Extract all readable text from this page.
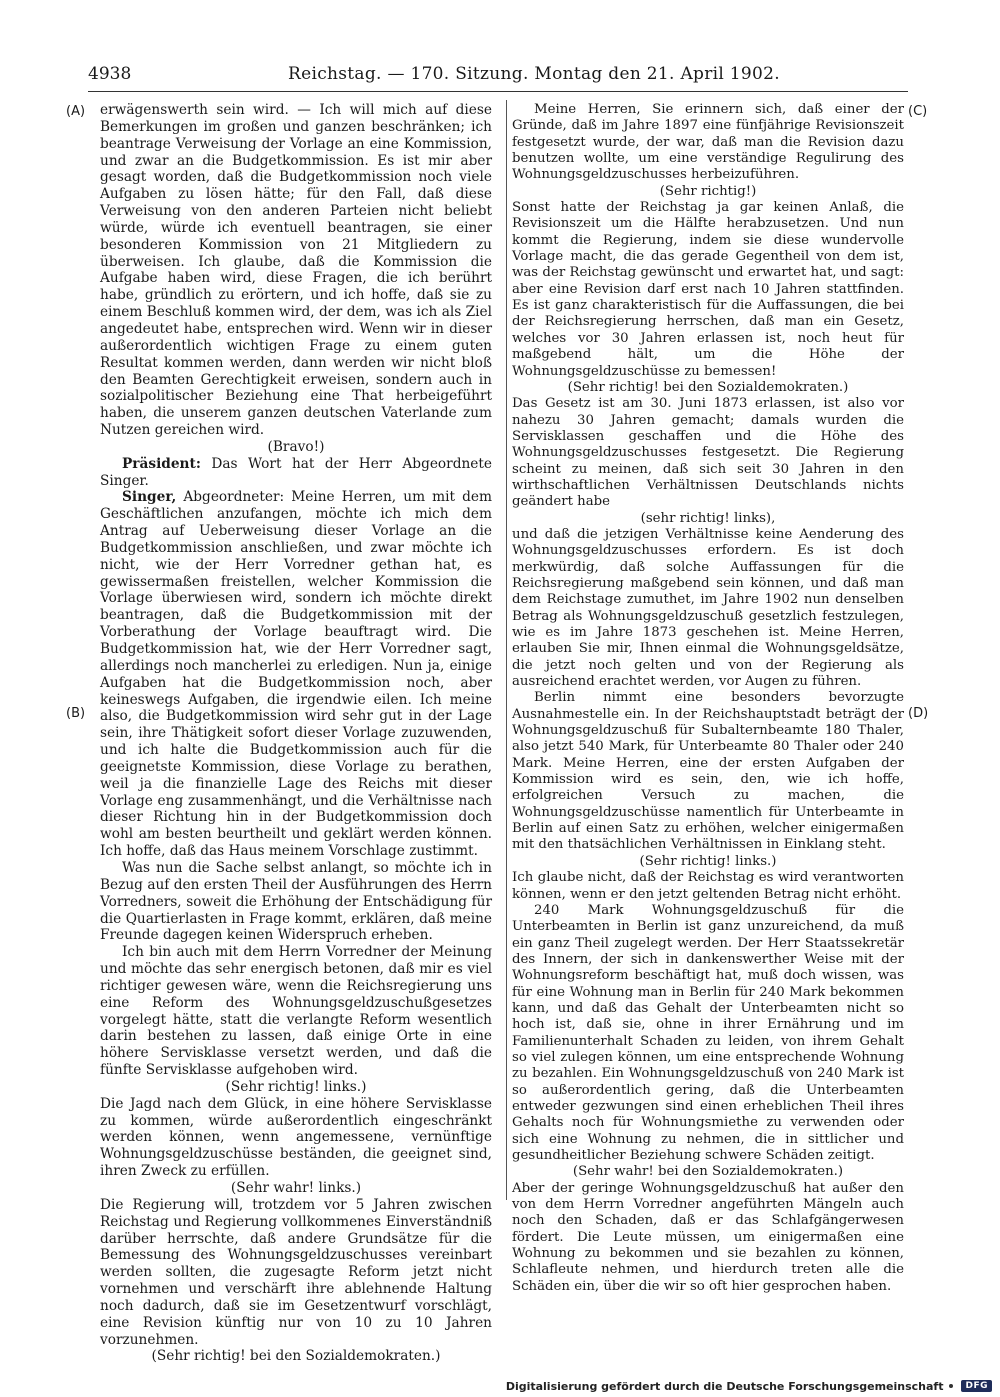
4938	Reichstag. — 170. Sitzung. Montag den 21. April 1902.
(A)
(B)
(C)
(D)
erwägenswerth sein wird. — Ich will mich auf diese Bemerkungen im großen und ganzen beschränken; ich beantrage Verweisung der Vorlage an eine Kommission, und zwar an die Budgetkommission. Es ist mir aber gesagt worden, daß die Budgetkommission noch viele Aufgaben zu lösen hätte; für den Fall, daß diese Verweisung von den anderen Parteien nicht beliebt würde, würde ich eventuell beantragen, sie einer besonderen Kommission von 21 Mitgliedern zu überweisen. Ich glaube, daß die Kommission die Aufgabe haben wird, diese Fragen, die ich berührt habe, gründlich zu erörtern, und ich hoffe, daß sie zu einem Beschluß kommen wird, der dem, was ich als Ziel angedeutet habe, entsprechen wird. Wenn wir in dieser außerordentlich wichtigen Frage zu einem guten Resultat kommen werden, dann werden wir nicht bloß den Beamten Gerechtigkeit erweisen, sondern auch in sozialpolitischer Beziehung eine That herbeigeführt haben, die unserem ganzen deutschen Vaterlande zum Nutzen gereichen wird.
(Bravo!)
Präsident: Das Wort hat der Herr Abgeordnete Singer.
Singer, Abgeordneter: Meine Herren, um mit dem Geschäftlichen anzufangen, möchte ich mich dem Antrag auf Ueberweisung dieser Vorlage an die Budgetkommission anschließen, und zwar möchte ich nicht, wie der Herr Vorredner gethan hat, es gewissermaßen freistellen, welcher Kommission die Vorlage überwiesen wird, sondern ich möchte direkt beantragen, daß die Budgetkommission mit der Vorberathung der Vorlage beauftragt wird. Die Budgetkommission hat, wie der Herr Vorredner sagt, allerdings noch mancherlei zu erledigen. Nun ja, einige Aufgaben hat die Budgetkommission noch, aber keineswegs Aufgaben, die irgendwie eilen. Ich meine also, die Budgetkommission wird sehr gut in der Lage sein, ihre Thätigkeit sofort dieser Vorlage zuzuwenden, und ich halte die Budgetkommission auch für die geeignetste Kommission, diese Vorlage zu berathen, weil ja die finanzielle Lage des Reichs mit dieser Vorlage eng zusammenhängt, und die Verhältnisse nach dieser Richtung hin in der Budgetkommission doch wohl am besten beurtheilt und geklärt werden können. Ich hoffe, daß das Haus meinem Vorschlage zustimmt.
Was nun die Sache selbst anlangt, so möchte ich in Bezug auf den ersten Theil der Ausführungen des Herrn Vorredners, soweit die Erhöhung der Entschädigung für die Quartierlasten in Frage kommt, erklären, daß meine Freunde dagegen keinen Widerspruch erheben.
Ich bin auch mit dem Herrn Vorredner der Meinung und möchte das sehr energisch betonen, daß mir es viel richtiger gewesen wäre, wenn die Reichsregierung uns eine Reform des Wohnungsgeldzuschußgesetzes vorgelegt hätte, statt die verlangte Reform wesentlich darin bestehen zu lassen, daß einige Orte in eine höhere Servisklasse versetzt werden, und daß die fünfte Servisklasse aufgehoben wird.
(Sehr richtig! links.)
Die Jagd nach dem Glück, in eine höhere Servisklasse zu kommen, würde außerordentlich eingeschränkt werden können, wenn angemessene, vernünftige Wohnungsgeldzuschüsse beständen, die geeignet sind, ihren Zweck zu erfüllen.
(Sehr wahr! links.)
Die Regierung will, trotzdem vor 5 Jahren zwischen Reichstag und Regierung vollkommenes Einverständniß darüber herrschte, daß andere Grundsätze für die Bemessung des Wohnungsgeldzuschusses vereinbart werden sollten, die zugesagte Reform jetzt nicht vornehmen und verschärft ihre ablehnende Haltung noch dadurch, daß sie im Gesetzentwurf vorschlägt, eine Revision künftig nur von 10 zu 10 Jahren vorzunehmen.
(Sehr richtig! bei den Sozialdemokraten.)
Meine Herren, Sie erinnern sich, daß einer der Gründe, daß im Jahre 1897 eine fünfjährige Revisionszeit festgesetzt wurde, der war, daß man die Revision dazu benutzen wollte, um eine verständige Regulirung des Wohnungsgeldzuschusses herbeizuführen.
(Sehr richtig!)
Sonst hatte der Reichstag ja gar keinen Anlaß, die Revisionszeit um die Hälfte herabzusetzen. Und nun kommt die Regierung, indem sie diese wundervolle Vorlage macht, die das gerade Gegentheil von dem ist, was der Reichstag gewünscht und erwartet hat, und sagt: aber eine Revision darf erst nach 10 Jahren stattfinden. Es ist ganz charakteristisch für die Auffassungen, die bei der Reichsregierung herrschen, daß man ein Gesetz, welches vor 30 Jahren erlassen ist, noch heut für maßgebend hält, um die Höhe der Wohnungsgeldzuschüsse zu bemessen!
(Sehr richtig! bei den Sozialdemokraten.)
Das Gesetz ist am 30. Juni 1873 erlassen, ist also vor nahezu 30 Jahren gemacht; damals wurden die Servisklassen geschaffen und die Höhe des Wohnungsgeldzuschusses festgesetzt. Die Regierung scheint zu meinen, daß sich seit 30 Jahren in den wirthschaftlichen Verhältnissen Deutschlands nichts geändert habe
(sehr richtig! links),
und daß die jetzigen Verhältnisse keine Aenderung des Wohnungsgeldzuschusses erfordern. Es ist doch merkwürdig, daß solche Auffassungen für die Reichsregierung maßgebend sein können, und daß man dem Reichstage zumuthet, im Jahre 1902 nun denselben Betrag als Wohnungsgeldzuschuß gesetzlich festzulegen, wie es im Jahre 1873 geschehen ist. Meine Herren, erlauben Sie mir, Ihnen einmal die Wohnungsgeldsätze, die jetzt noch gelten und von der Regierung als ausreichend erachtet werden, vor Augen zu führen.
Berlin nimmt eine besonders bevorzugte Ausnahmestelle ein. In der Reichshauptstadt beträgt der Wohnungsgeldzuschuß für Subalternbeamte 180 Thaler, also jetzt 540 Mark, für Unterbeamte 80 Thaler oder 240 Mark. Meine Herren, eine der ersten Aufgaben der Kommission wird es sein, den, wie ich hoffe, erfolgreichen Versuch zu machen, die Wohnungsgeldzuschüsse namentlich für Unterbeamte in Berlin auf einen Satz zu erhöhen, welcher einigermaßen mit den thatsächlichen Verhältnissen in Einklang steht.
(Sehr richtig! links.)
Ich glaube nicht, daß der Reichstag es wird verantworten können, wenn er den jetzt geltenden Betrag nicht erhöht.
240 Mark Wohnungsgeldzuschuß für die Unterbeamten in Berlin ist ganz unzureichend, da muß ein ganz Theil zugelegt werden. Der Herr Staatssekretär des Innern, der sich in dankenswerther Weise mit der Wohnungsreform beschäftigt hat, muß doch wissen, was für eine Wohnung man in Berlin für 240 Mark bekommen kann, und daß das Gehalt der Unterbeamten nicht so hoch ist, daß sie, ohne in ihrer Ernährung und im Familienunterhalt Schaden zu leiden, von ihrem Gehalt so viel zulegen können, um eine entsprechende Wohnung zu bezahlen. Ein Wohnungsgeldzuschuß von 240 Mark ist so außerordentlich gering, daß die Unterbeamten entweder gezwungen sind einen erheblichen Theil ihres Gehalts noch für Wohnungsmiethe zu verwenden oder sich eine Wohnung zu nehmen, die in sittlicher und gesundheitlicher Beziehung schwere Schäden zeitigt.
(Sehr wahr! bei den Sozialdemokraten.)
Aber der geringe Wohnungsgeldzuschuß hat außer den von dem Herrn Vorredner angeführten Mängeln auch noch den Schaden, daß er das Schlafgängerwesen fördert. Die Leute müssen, um einigermaßen eine Wohnung zu bekommen und sie bezahlen zu können, Schlafleute nehmen, und hierdurch treten alle die Schäden ein, über die wir so oft hier gesprochen haben.
Digitalisierung gefördert durch die Deutsche Forschungsgemeinschaft	DFG
